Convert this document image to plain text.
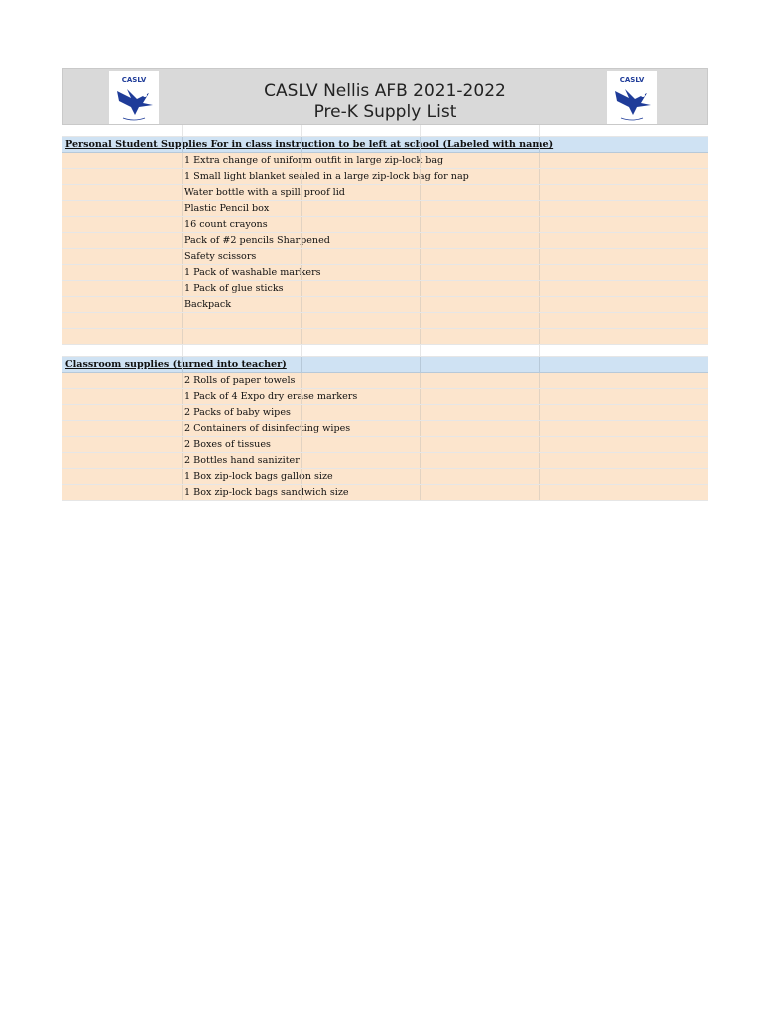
CASLV
CASLV Nellis AFB 2021-2022
Pre-K Supply List
CASLV
Personal Student Supplies For in class instruction to be left at school (Labeled with name)
1 Extra change of uniform outfit in large zip-lock bag
1 Small light blanket sealed in a large zip-lock bag for nap
Water bottle with a spill proof lid
Plastic Pencil box
16 count crayons
Pack of #2 pencils Sharpened
Safety scissors
1 Pack of washable markers
1 Pack of glue sticks
Backpack
Classroom supplies (turned into teacher)
2 Rolls of paper towels
1 Pack of 4 Expo dry erase markers
2 Packs of baby wipes
2 Containers of disinfecting wipes
2 Boxes of tissues
2 Bottles hand saniziter
1 Box zip-lock bags gallon size
1 Box zip-lock bags sandwich size
